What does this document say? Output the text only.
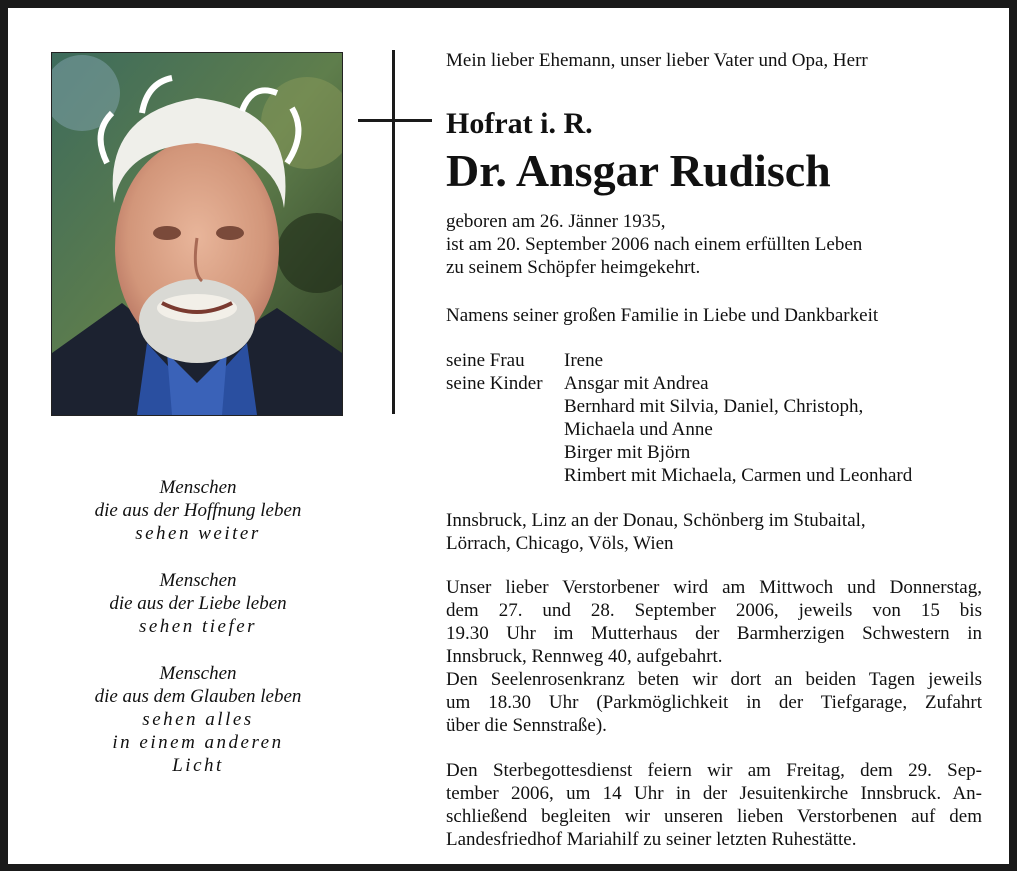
Menschen
die aus der Hoffnung leben
sehen weiter
Menschen
die aus der Liebe leben
sehen tiefer
Menschen
die aus dem Glauben leben
sehen alles
in einem anderen
Licht
Mein lieber Ehemann, unser lieber Vater und Opa, Herr
Hofrat i. R.
Dr. Ansgar Rudisch
geboren am 26. Jänner 1935,
ist am 20. September 2006 nach einem erfüllten Leben
zu seinem Schöpfer heimgekehrt.
Namens seiner großen Familie in Liebe und Dankbarkeit
seine Frau	Irene
seine Kinder	Ansgar mit Andrea
Bernhard mit Silvia, Daniel, Christoph,
Michaela und Anne
Birger mit Björn
Rimbert mit Michaela, Carmen und Leonhard
Innsbruck, Linz an der Donau, Schönberg im Stubaital,
Lörrach, Chicago, Völs, Wien
Unser lieber Verstorbener wird am Mittwoch und Donnerstag,
dem 27. und 28. September 2006, jeweils von 15 bis
19.30 Uhr im Mutterhaus der Barmherzigen Schwestern in
Innsbruck, Rennweg 40, aufgebahrt.
Den Seelenrosenkranz beten wir dort an beiden Tagen jeweils
um 18.30 Uhr (Parkmöglichkeit in der Tiefgarage, Zufahrt
über die Sennstraße).
Den Sterbegottesdienst feiern wir am Freitag, dem 29. Sep-
tember 2006, um 14 Uhr in der Jesuitenkirche Innsbruck. An-
schließend begleiten wir unseren lieben Verstorbenen auf dem
Landesfriedhof Mariahilf zu seiner letzten Ruhestätte.
